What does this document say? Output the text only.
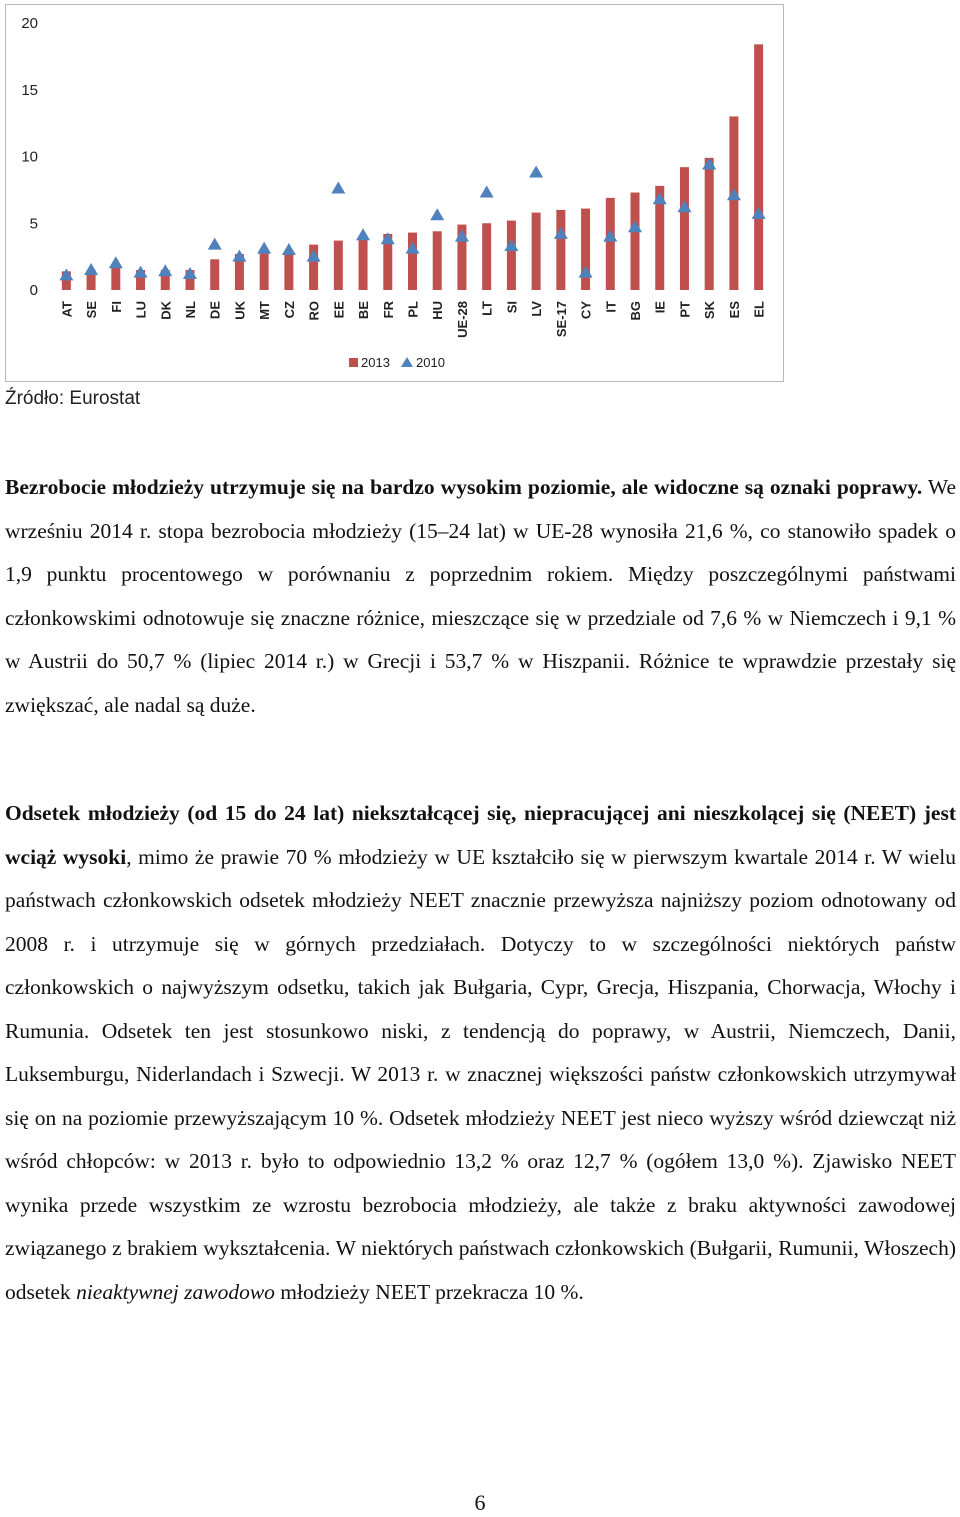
0
5
10
15
20
AT SE FI LU DK NL DE UK MT CZ RO EE BE FR PL HU UE-28 LT SI LV SE-17 CY IT BG IE PT SK ES EL
2013 2010
Źródło: Eurostat

Bezrobocie młodzieży utrzymuje się na bardzo wysokim poziomie, ale widoczne są oznaki poprawy. We wrześniu 2014 r. stopa bezrobocia młodzieży (15–24 lat) w UE-28 wynosiła 21,6 %, co stanowiło spadek o 1,9 punktu procentowego w porównaniu z poprzednim rokiem. Między poszczególnymi państwami członkowskimi odnotowuje się znaczne różnice, mieszczące się w przedziale od 7,6 % w Niemczech i 9,1 % w Austrii do 50,7 % (lipiec 2014 r.) w Grecji i 53,7 % w Hiszpanii. Różnice te wprawdzie przestały się zwiększać, ale nadal są duże.

Odsetek młodzieży (od 15 do 24 lat) niekształcącej się, niepracującej ani nieszkolącej się (NEET) jest wciąż wysoki, mimo że prawie 70 % młodzieży w UE kształciło się w pierwszym kwartale 2014 r. W wielu państwach członkowskich odsetek młodzieży NEET znacznie przewyższa najniższy poziom odnotowany od 2008 r. i utrzymuje się w górnych przedziałach. Dotyczy to w szczególności niektórych państw członkowskich o najwyższym odsetku, takich jak Bułgaria, Cypr, Grecja, Hiszpania, Chorwacja, Włochy i Rumunia. Odsetek ten jest stosunkowo niski, z tendencją do poprawy, w Austrii, Niemczech, Danii, Luksemburgu, Niderlandach i Szwecji. W 2013 r. w znacznej większości państw członkowskich utrzymywał się on na poziomie przewyższającym 10 %. Odsetek młodzieży NEET jest nieco wyższy wśród dziewcząt niż wśród chłopców: w 2013 r. było to odpowiednio 13,2 % oraz 12,7 % (ogółem 13,0 %). Zjawisko NEET wynika przede wszystkim ze wzrostu bezrobocia młodzieży, ale także z braku aktywności zawodowej związanego z brakiem wykształcenia. W niektórych państwach członkowskich (Bułgarii, Rumunii, Włoszech) odsetek nieaktywnej zawodowo młodzieży NEET przekracza 10 %.

6
